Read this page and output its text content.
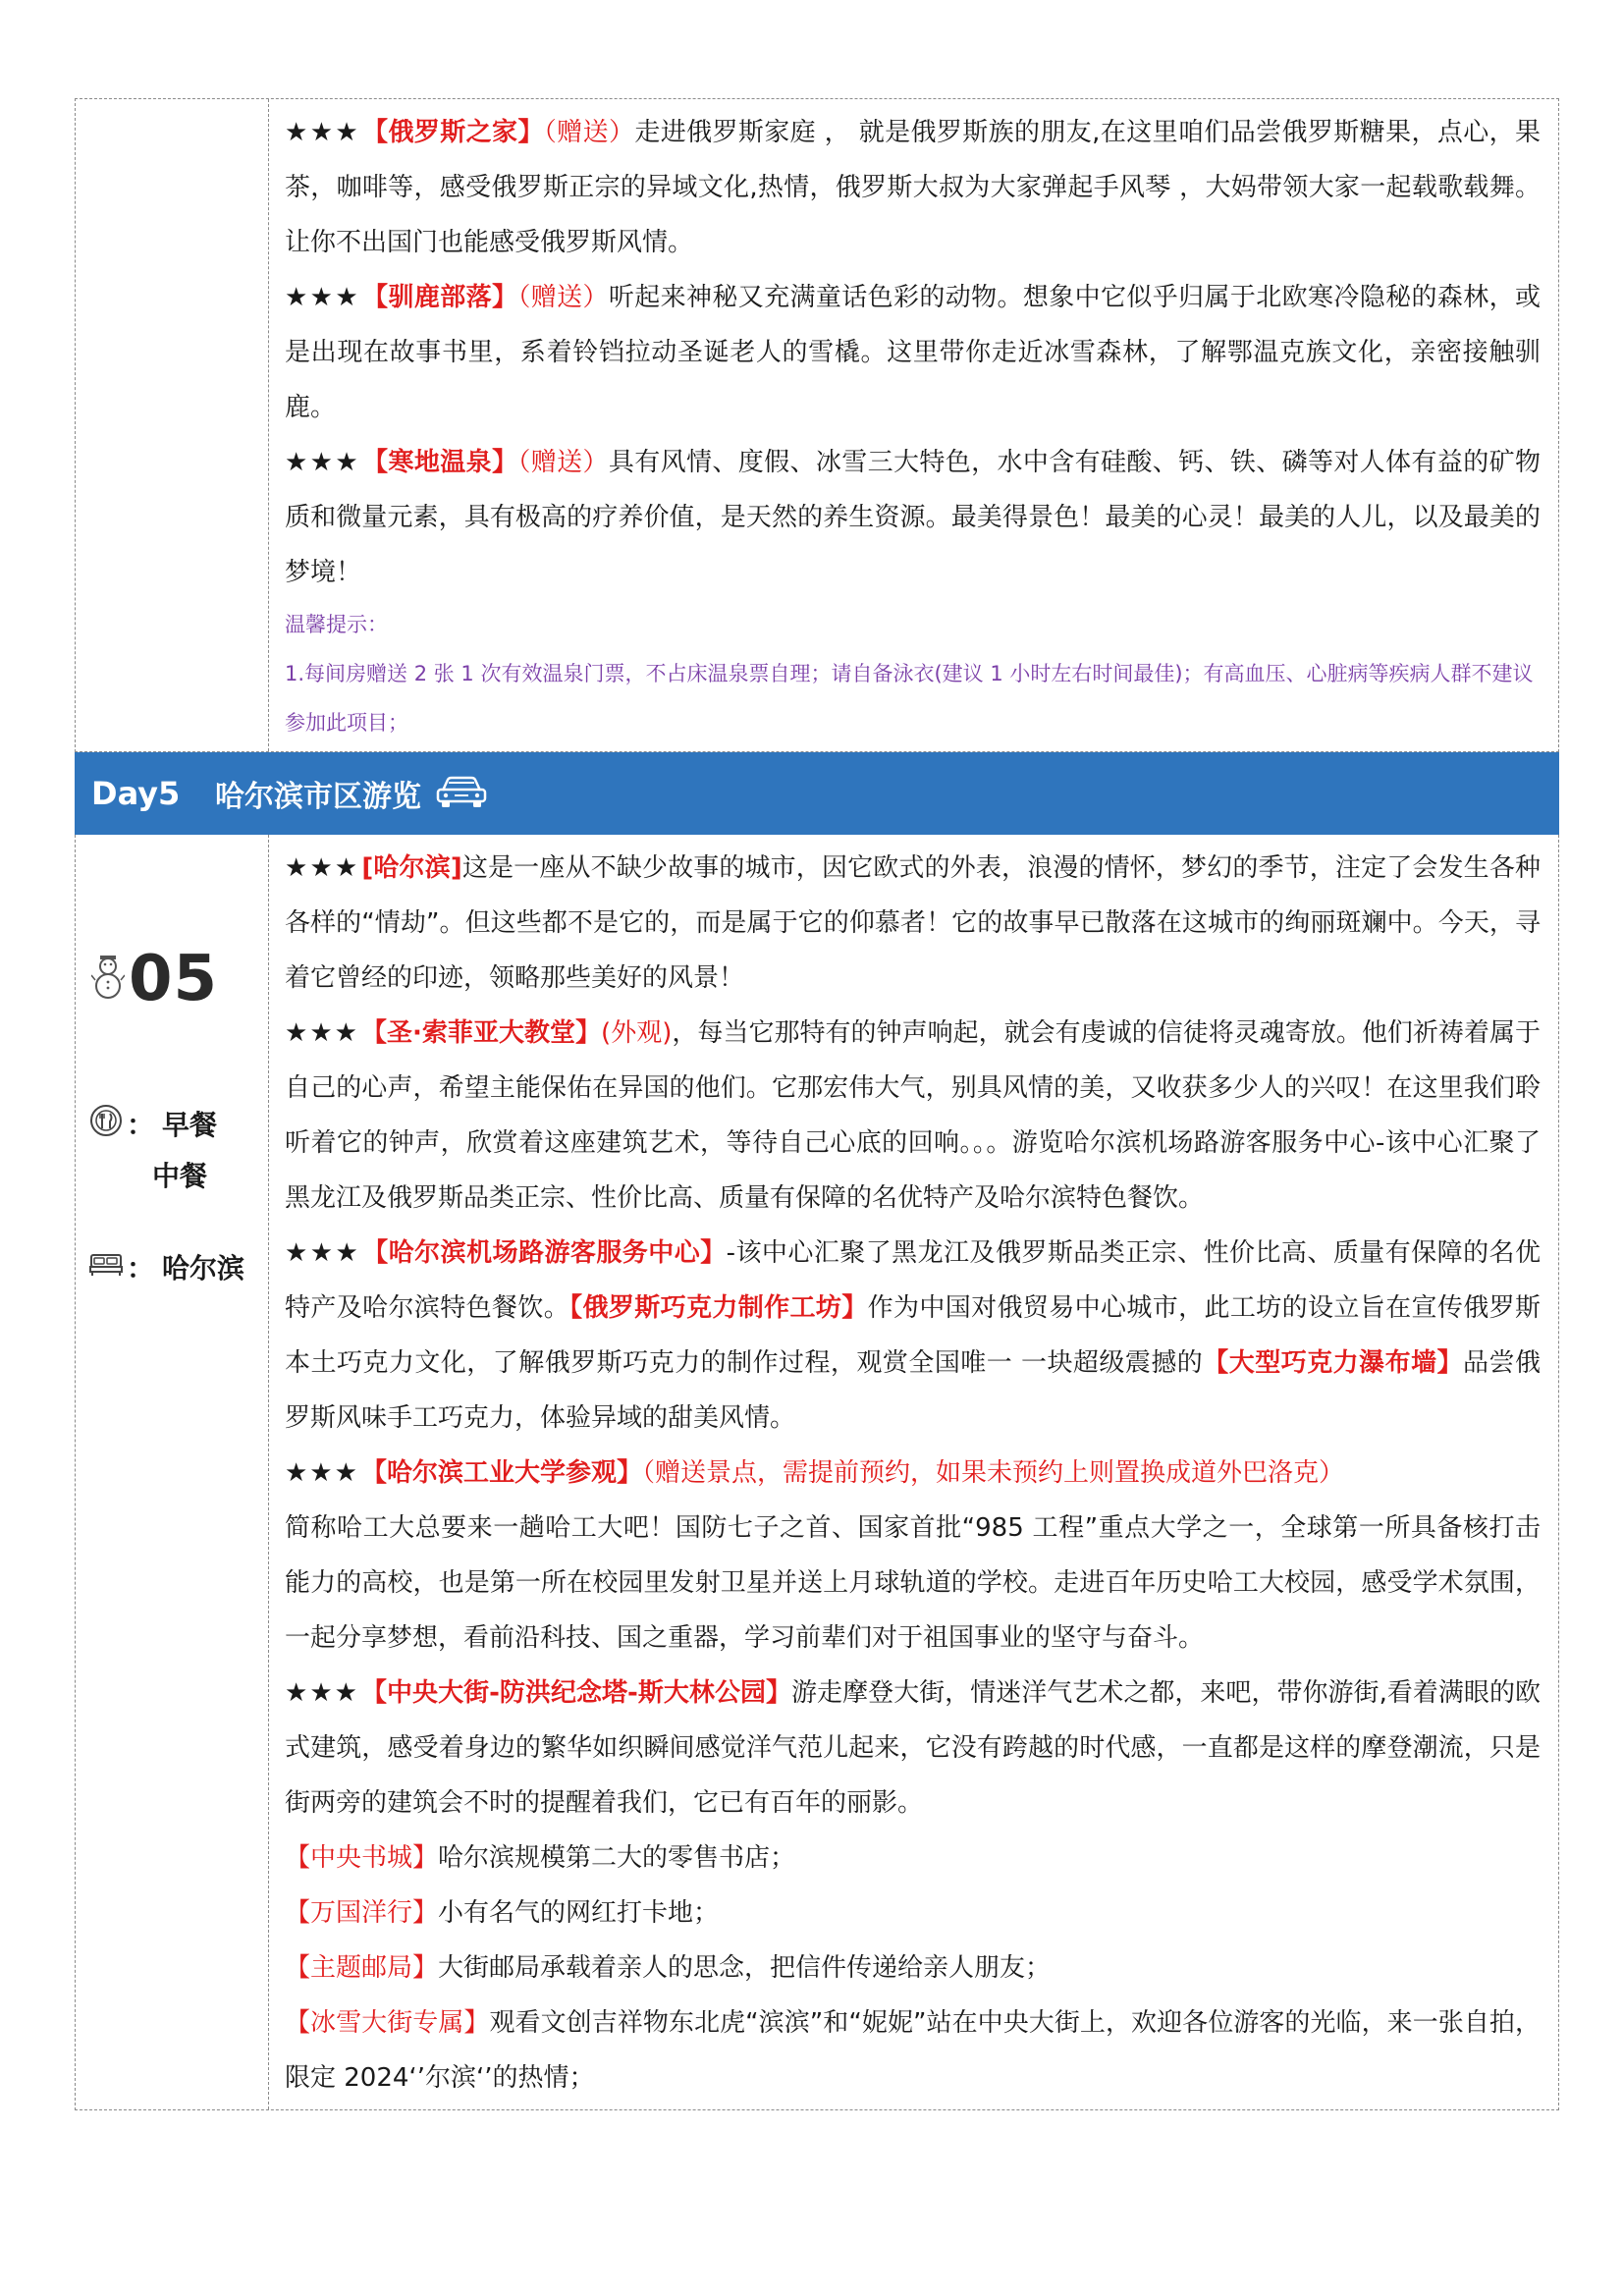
★★★【俄罗斯之家】（赠送）走进俄罗斯家庭 ， 就是俄罗斯族的朋友,在这里咱们品尝俄罗斯糖果，点心，果茶，咖啡等，感受俄罗斯正宗的异域文化,热情，俄罗斯大叔为大家弹起手风琴 ，大妈带领大家一起载歌载舞。让你不出国门也能感受俄罗斯风情。

★★★【驯鹿部落】（赠送）听起来神秘又充满童话色彩的动物。想象中它似乎归属于北欧寒冷隐秘的森林，或是出现在故事书里，系着铃铛拉动圣诞老人的雪橇。这里带你走近冰雪森林，了解鄂温克族文化，亲密接触驯鹿。

★★★【寒地温泉】（赠送）具有风情、度假、冰雪三大特色，水中含有硅酸、钙、铁、磷等对人体有益的矿物质和微量元素，具有极高的疗养价值，是天然的养生资源。最美得景色！最美的心灵！最美的人儿，以及最美的梦境！

温馨提示：

1.每间房赠送 2 张 1 次有效温泉门票，不占床温泉票自理；请自备泳衣(建议 1 小时左右时间最佳)；有高血压、心脏病等疾病人群不建议参加此项目；

Day5	哈尔滨市区游览
05
： 早餐
中餐
： 哈尔滨

★★★[哈尔滨]这是一座从不缺少故事的城市，因它欧式的外表，浪漫的情怀，梦幻的季节，注定了会发生各种各样的“情劫”。但这些都不是它的，而是属于它的仰慕者！它的故事早已散落在这城市的绚丽斑斓中。今天，寻着它曾经的印迹，领略那些美好的风景！

★★★【圣·索菲亚大教堂】(外观)，每当它那特有的钟声响起，就会有虔诚的信徒将灵魂寄放。他们祈祷着属于自己的心声，希望主能保佑在异国的他们。它那宏伟大气，别具风情的美，又收获多少人的兴叹！在这里我们聆听着它的钟声，欣赏着这座建筑艺术，等待自己心底的回响。。。游览哈尔滨机场路游客服务中心-该中心汇聚了黑龙江及俄罗斯品类正宗、性价比高、质量有保障的名优特产及哈尔滨特色餐饮。

★★★【哈尔滨机场路游客服务中心】-该中心汇聚了黑龙江及俄罗斯品类正宗、性价比高、质量有保障的名优特产及哈尔滨特色餐饮。【俄罗斯巧克力制作工坊】作为中国对俄贸易中心城市，此工坊的设立旨在宣传俄罗斯本土巧克力文化，了解俄罗斯巧克力的制作过程，观赏全国唯一 一块超级震撼的【大型巧克力瀑布墙】品尝俄罗斯风味手工巧克力，体验异域的甜美风情。

★★★【哈尔滨工业大学参观】（赠送景点，需提前预约，如果未预约上则置换成道外巴洛克）
简称哈工大总要来一趟哈工大吧！国防七子之首、国家首批“985 工程”重点大学之一，全球第一所具备核打击能力的高校，也是第一所在校园里发射卫星并送上月球轨道的学校。走进百年历史哈工大校园，感受学术氛围，一起分享梦想，看前沿科技、国之重器，学习前辈们对于祖国事业的坚守与奋斗。

★★★【中央大街-防洪纪念塔-斯大林公园】游走摩登大街，情迷洋气艺术之都，来吧，带你游街,看着满眼的欧式建筑，感受着身边的繁华如织瞬间感觉洋气范儿起来，它没有跨越的时代感，一直都是这样的摩登潮流，只是街两旁的建筑会不时的提醒着我们，它已有百年的丽影。

【中央书城】哈尔滨规模第二大的零售书店；

【万国洋行】小有名气的网红打卡地；

【主题邮局】大街邮局承载着亲人的思念，把信件传递给亲人朋友；

【冰雪大街专属】观看文创吉祥物东北虎“滨滨”和“妮妮”站在中央大街上，欢迎各位游客的光临，来一张自拍，限定 2024‘’尔滨‘’的热情；
